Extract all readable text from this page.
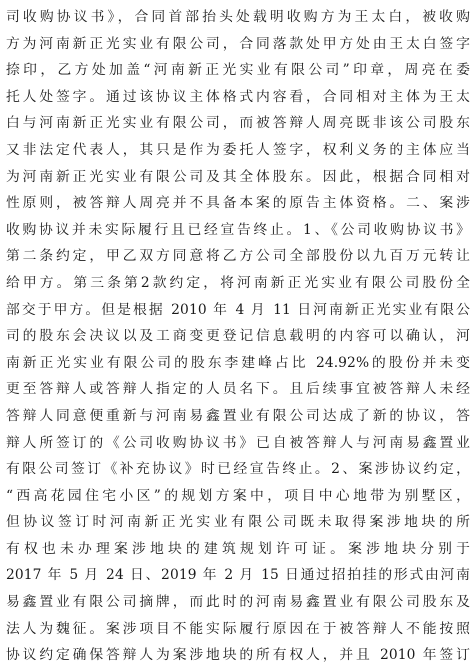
司收购协议书》，合同首部抬头处载明收购方为王太白，被收购
方为河南新正光实业有限公司，合同落款处甲方处由王太白签字
捺印，乙方处加盖“河南新正光实业有限公司”印章，周亮在委
托人处签字。通过该协议主体格式内容看，合同相对主体为王太
白与河南新正光实业有限公司，而被答辩人周亮既非该公司股东
又非法定代表人，其只是作为委托人签字，权利义务的主体应当
为河南新正光实业有限公司及其全体股东。因此，根据合同相对
性原则，被答辩人周亮并不具备本案的原告主体资格。二、案涉
收购协议并未实际履行且已经宣告终止。1、《公司收购协议书》
第二条约定，甲乙双方同意将乙方公司全部股份以九百万元转让
给甲方。第三条第2款约定，将河南新正光实业有限公司股份全
部交于甲方。但是根据 2010 年 4 月 11 日河南新正光实业有限公
司的股东会决议以及工商变更登记信息载明的内容可以确认，河
南新正光实业有限公司的股东李建峰占比 24.92%的股份并未变
更至答辩人或答辩人指定的人员名下。且后续事宜被答辩人未经
答辩人同意便重新与河南易鑫置业有限公司达成了新的协议，答
辩人所签订的《公司收购协议书》已自被答辩人与河南易鑫置业
有限公司签订《补充协议》时已经宣告终止。2、案涉协议约定，
“西高花园住宅小区”的规划方案中，项目中心地带为别墅区，
但协议签订时河南新正光实业有限公司既未取得案涉地块的所
有权也未办理案涉地块的建筑规划许可证。案涉地块分别于
2017 年 5 月 24 日、2019 年 2 月 15 日通过招拍挂的形式由河南
易鑫置业有限公司摘牌，而此时的河南易鑫置业有限公司股东及
法人为魏征。案涉项目不能实际履行原因在于被答辩人不能按照
协议约定确保答辩人为案涉地块的所有权人，并且 2010 年签订
